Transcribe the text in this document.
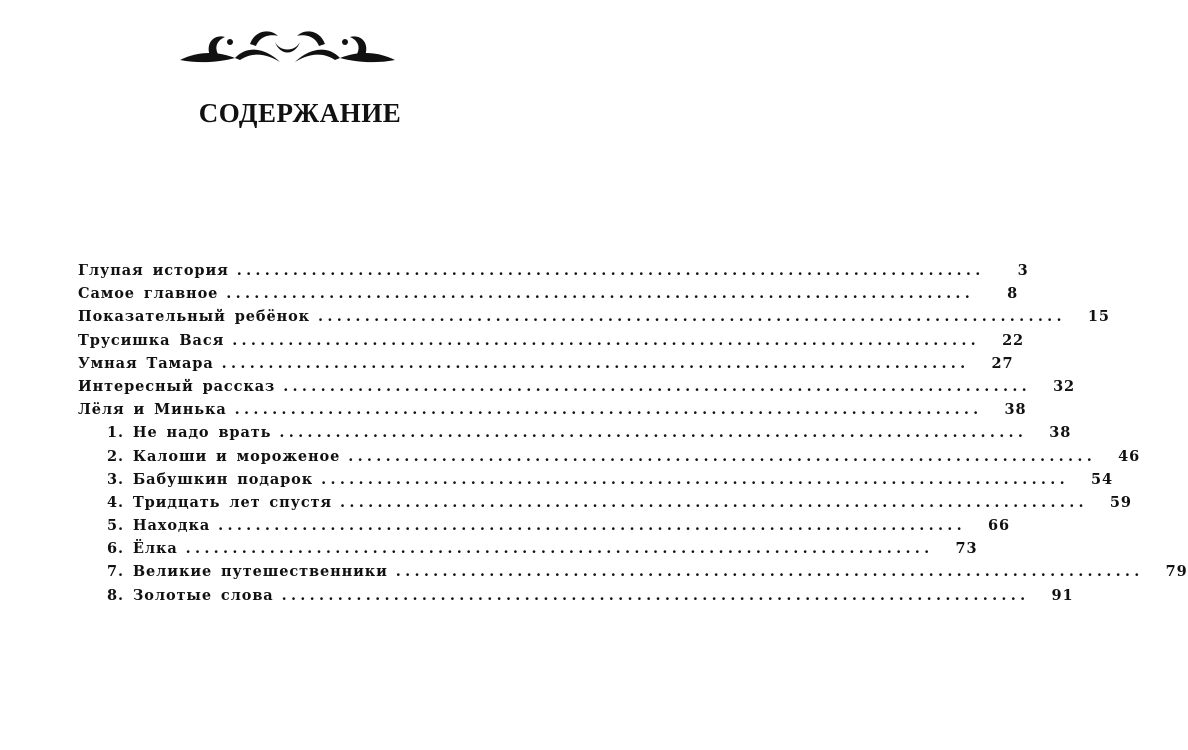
СОДЕРЖАНИЕ
Глупая история ................................................................................	3
Самое главное ................................................................................	8
Показательный ребёнок ................................................................................	15
Трусишка Вася ................................................................................	22
Умная Тамара ................................................................................	27
Интересный рассказ ................................................................................	32
Лёля и Минька ................................................................................	38
1. Не надо врать ................................................................................	38
2. Калоши и мороженое ................................................................................	46
3. Бабушкин подарок ................................................................................	54
4. Тридцать лет спустя ................................................................................	59
5. Находка ................................................................................	66
6. Ёлка ................................................................................	73
7. Великие путешественники ................................................................................	79
8. Золотые слова ................................................................................	91
